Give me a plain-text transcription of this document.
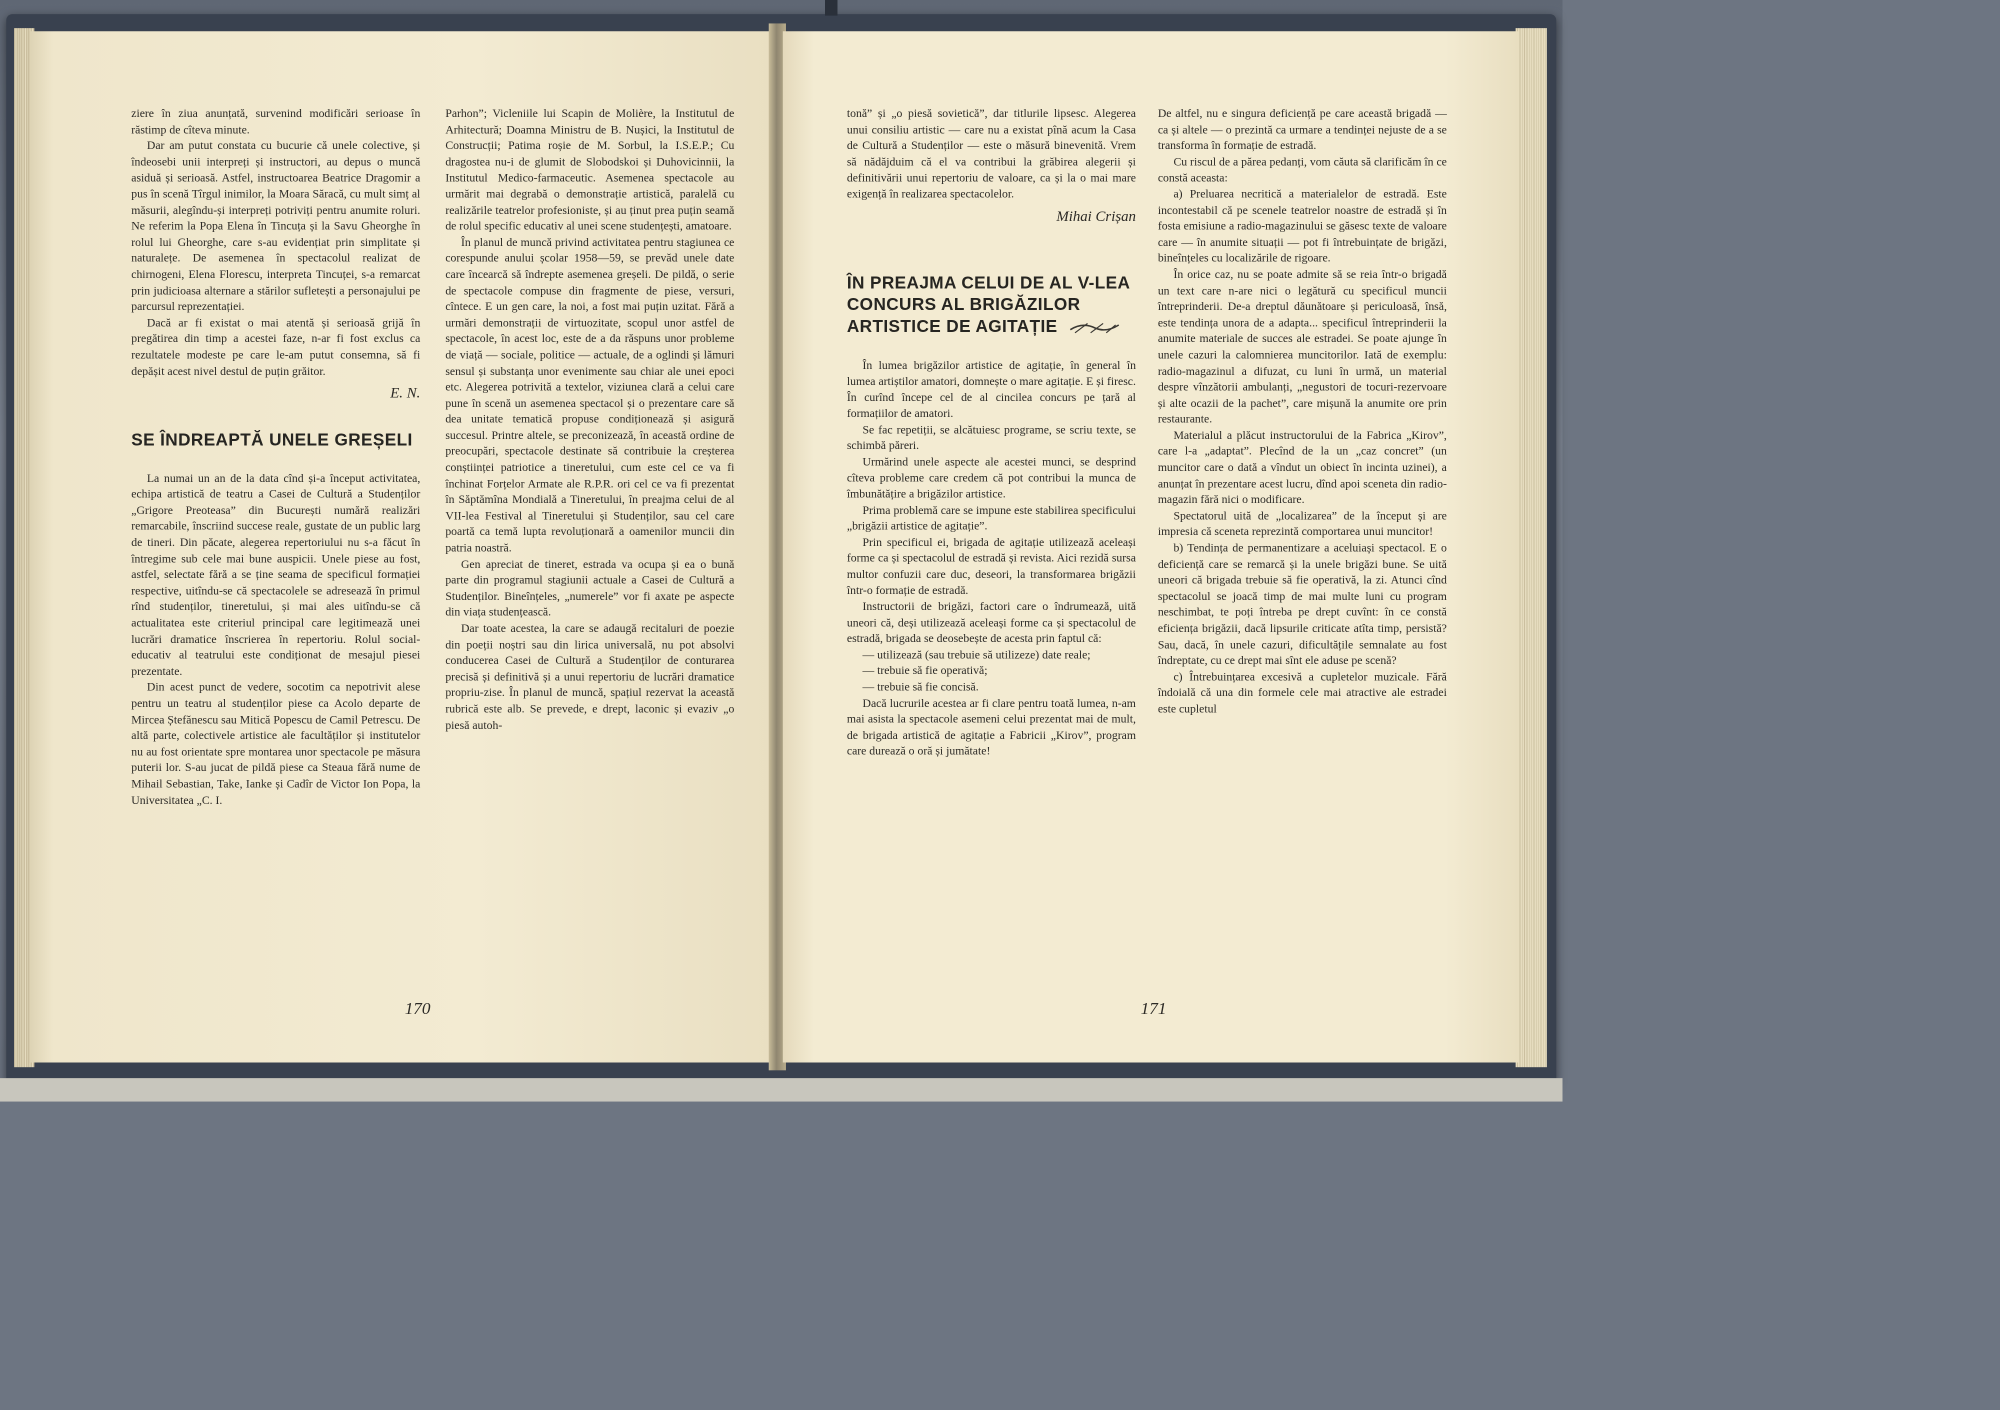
ziere în ziua anunțată, survenind modificări serioase în răstimp de cîteva minute.

Dar am putut constata cu bucurie că unele colective, și îndeosebi unii interpreți și instructori, au depus o muncă asiduă și serioasă. Astfel, instructoarea Beatrice Dragomir a pus în scenă Tîrgul inimilor, la Moara Săracă, cu mult simț al măsurii, alegîndu-și interpreți potriviți pentru anumite roluri. Ne referim la Popa Elena în Tincuța și la Savu Gheorghe în rolul lui Gheorghe, care s-au evidențiat prin simplitate și naturalețe. De asemenea în spectacolul realizat de chirnogeni, Elena Florescu, interpreta Tincuței, s-a remarcat prin judicioasa alternare a stărilor sufletești a personajului pe parcursul reprezentației.

Dacă ar fi existat o mai atentă și serioasă grijă în pregătirea din timp a acestei faze, n-ar fi fost exclus ca rezultatele modeste pe care le-am putut consemna, să fi depășit acest nivel destul de puțin grăitor.

E. N.
SE ÎNDREAPTĂ UNELE GREȘELI

La numai un an de la data cînd și-a început activitatea, echipa artistică de teatru a Casei de Cultură a Studenților „Grigore Preoteasa” din București numără realizări remarcabile, înscriind succese reale, gustate de un public larg de tineri. Din păcate, alegerea repertoriului nu s-a făcut în întregime sub cele mai bune auspicii. Unele piese au fost, astfel, selectate fără a se ține seama de specificul formației respective, uitîndu-se că spectacolele se adresează în primul rînd studenților, tineretului, și mai ales uitîndu-se că actualitatea este criteriul principal care legitimează unei lucrări dramatice înscrierea în repertoriu. Rolul social-educativ al teatrului este condiționat de mesajul piesei prezentate.

Din acest punct de vedere, socotim ca nepotrivit alese pentru un teatru al studenților piese ca Acolo departe de Mircea Ștefănescu sau Mitică Popescu de Camil Petrescu. De altă parte, colectivele artistice ale facultăților și institutelor nu au fost orientate spre montarea unor spectacole pe măsura puterii lor. S-au jucat de pildă piese ca Steaua fără nume de Mihail Sebastian, Take, Ianke și Cadîr de Victor Ion Popa, la Universitatea „C. I.

Parhon”; Vicleniile lui Scapin de Molière, la Institutul de Arhitectură; Doamna Ministru de B. Nușici, la Institutul de Construcții; Patima roșie de M. Sorbul, la I.S.E.P.; Cu dragostea nu-i de glumit de Slobodskoi și Duhovicinnii, la Institutul Medico-farmaceutic. Asemenea spectacole au urmărit mai degrabă o demonstrație artistică, paralelă cu realizările teatrelor profesioniste, și au ținut prea puțin seamă de rolul specific educativ al unei scene studențești, amatoare.

În planul de muncă privind activitatea pentru stagiunea ce corespunde anului școlar 1958—59, se prevăd unele date care încearcă să îndrepte asemenea greșeli. De pildă, o serie de spectacole compuse din fragmente de piese, versuri, cîntece. E un gen care, la noi, a fost mai puțin uzitat. Fără a urmări demonstrații de virtuozitate, scopul unor astfel de spectacole, în acest loc, este de a da răspuns unor probleme de viață — sociale, politice — actuale, de a oglindi și lămuri sensul și substanța unor evenimente sau chiar ale unei epoci etc. Alegerea potrivită a textelor, viziunea clară a celui care pune în scenă un asemenea spectacol și o prezentare care să dea unitate tematică propuse condiționează și asigură succesul. Printre altele, se preconizează, în această ordine de preocupări, spectacole destinate să contribuie la creșterea conștiinței patriotice a tineretului, cum este cel ce va fi închinat Forțelor Armate ale R.P.R. ori cel ce va fi prezentat în Săptămîna Mondială a Tineretului, în preajma celui de al VII-lea Festival al Tineretului și Studenților, sau cel care poartă ca temă lupta revoluționară a oamenilor muncii din patria noastră.

Gen apreciat de tineret, estrada va ocupa și ea o bună parte din programul stagiunii actuale a Casei de Cultură a Studenților. Bineînțeles, „numerele” vor fi axate pe aspecte din viața studențească.

Dar toate acestea, la care se adaugă recitaluri de poezie din poeții noștri sau din lirica universală, nu pot absolvi conducerea Casei de Cultură a Studenților de conturarea precisă și definitivă și a unui repertoriu de lucrări dramatice propriu-zise. În planul de muncă, spațiul rezervat la această rubrică este alb. Se prevede, e drept, laconic și evaziv „o piesă autoh-

170

tonă” și „o piesă sovietică”, dar titlurile lipsesc. Alegerea unui consiliu artistic — care nu a existat pînă acum la Casa de Cultură a Studenților — este o măsură binevenită. Vrem să nădăjduim că el va contribui la grăbirea alegerii și definitivării unui repertoriu de valoare, ca și la o mai mare exigență în realizarea spectacolelor.

Mihai Crișan
ÎN PREAJMA CELUI DE AL V-LEA CONCURS AL BRIGĂZILOR ARTISTICE DE AGITAȚIE

În lumea brigăzilor artistice de agitație, în general în lumea artiștilor amatori, domnește o mare agitație. E și firesc. În curînd începe cel de al cincilea concurs pe țară al formațiilor de amatori.

Se fac repetiții, se alcătuiesc programe, se scriu texte, se schimbă păreri.

Urmărind unele aspecte ale acestei munci, se desprind cîteva probleme care credem că pot contribui la munca de îmbunătățire a brigăzilor artistice.

Prima problemă care se impune este stabilirea specificului „brigăzii artistice de agitație”.

Prin specificul ei, brigada de agitație utilizează aceleași forme ca și spectacolul de estradă și revista. Aici rezidă sursa multor confuzii care duc, deseori, la transformarea brigăzii într-o formație de estradă.

Instructorii de brigăzi, factori care o îndrumează, uită uneori că, deși utilizează aceleași forme ca și spectacolul de estradă, brigada se deosebește de acesta prin faptul că:

— utilizează (sau trebuie să utilizeze) date reale;

— trebuie să fie operativă;

— trebuie să fie concisă.

Dacă lucrurile acestea ar fi clare pentru toată lumea, n-am mai asista la spectacole asemeni celui prezentat mai de mult, de brigada artistică de agitație a Fabricii „Kirov”, program care durează o oră și jumătate!

De altfel, nu e singura deficiență pe care această brigadă — ca și altele — o prezintă ca urmare a tendinței nejuste de a se transforma în formație de estradă.

Cu riscul de a părea pedanți, vom căuta să clarificăm în ce constă aceasta:

a) Preluarea necritică a materialelor de estradă. Este incontestabil că pe scenele teatrelor noastre de estradă și în fosta emisiune a radio-magazinului se găsesc texte de valoare care — în anumite situații — pot fi întrebuințate de brigăzi, bineînțeles cu localizările de rigoare.

În orice caz, nu se poate admite să se reia într-o brigadă un text care n-are nici o legătură cu specificul muncii întreprinderii. De-a dreptul dăunătoare și periculoasă, însă, este tendința unora de a adapta... specificul întreprinderii la anumite materiale de succes ale estradei. Se poate ajunge în unele cazuri la calomnierea muncitorilor. Iată de exemplu: radio-magazinul a difuzat, cu luni în urmă, un material despre vînzătorii ambulanți, „negustori de tocuri-rezervoare și alte ocazii de la pachet”, care mișună la anumite ore prin restaurante.

Materialul a plăcut instructorului de la Fabrica „Kirov”, care l-a „adaptat”. Plecînd de la un „caz concret” (un muncitor care o dată a vîndut un obiect în incinta uzinei), a anunțat în prezentare acest lucru, dînd apoi sceneta din radio-magazin fără nici o modificare.

Spectatorul uită de „localizarea” de la început și are impresia că sceneta reprezintă comportarea unui muncitor!

b) Tendința de permanentizare a aceluiași spectacol. E o deficiență care se remarcă și la unele brigăzi bune. Se uită uneori că brigada trebuie să fie operativă, la zi. Atunci cînd spectacolul se joacă timp de mai multe luni cu program neschimbat, te poți întreba pe drept cuvînt: în ce constă eficiența brigăzii, dacă lipsurile criticate atîta timp, persistă? Sau, dacă, în unele cazuri, dificultățile semnalate au fost îndreptate, cu ce drept mai sînt ele aduse pe scenă?

c) Întrebuințarea excesivă a cupletelor muzicale. Fără îndoială că una din formele cele mai atractive ale estradei este cupletul

171
